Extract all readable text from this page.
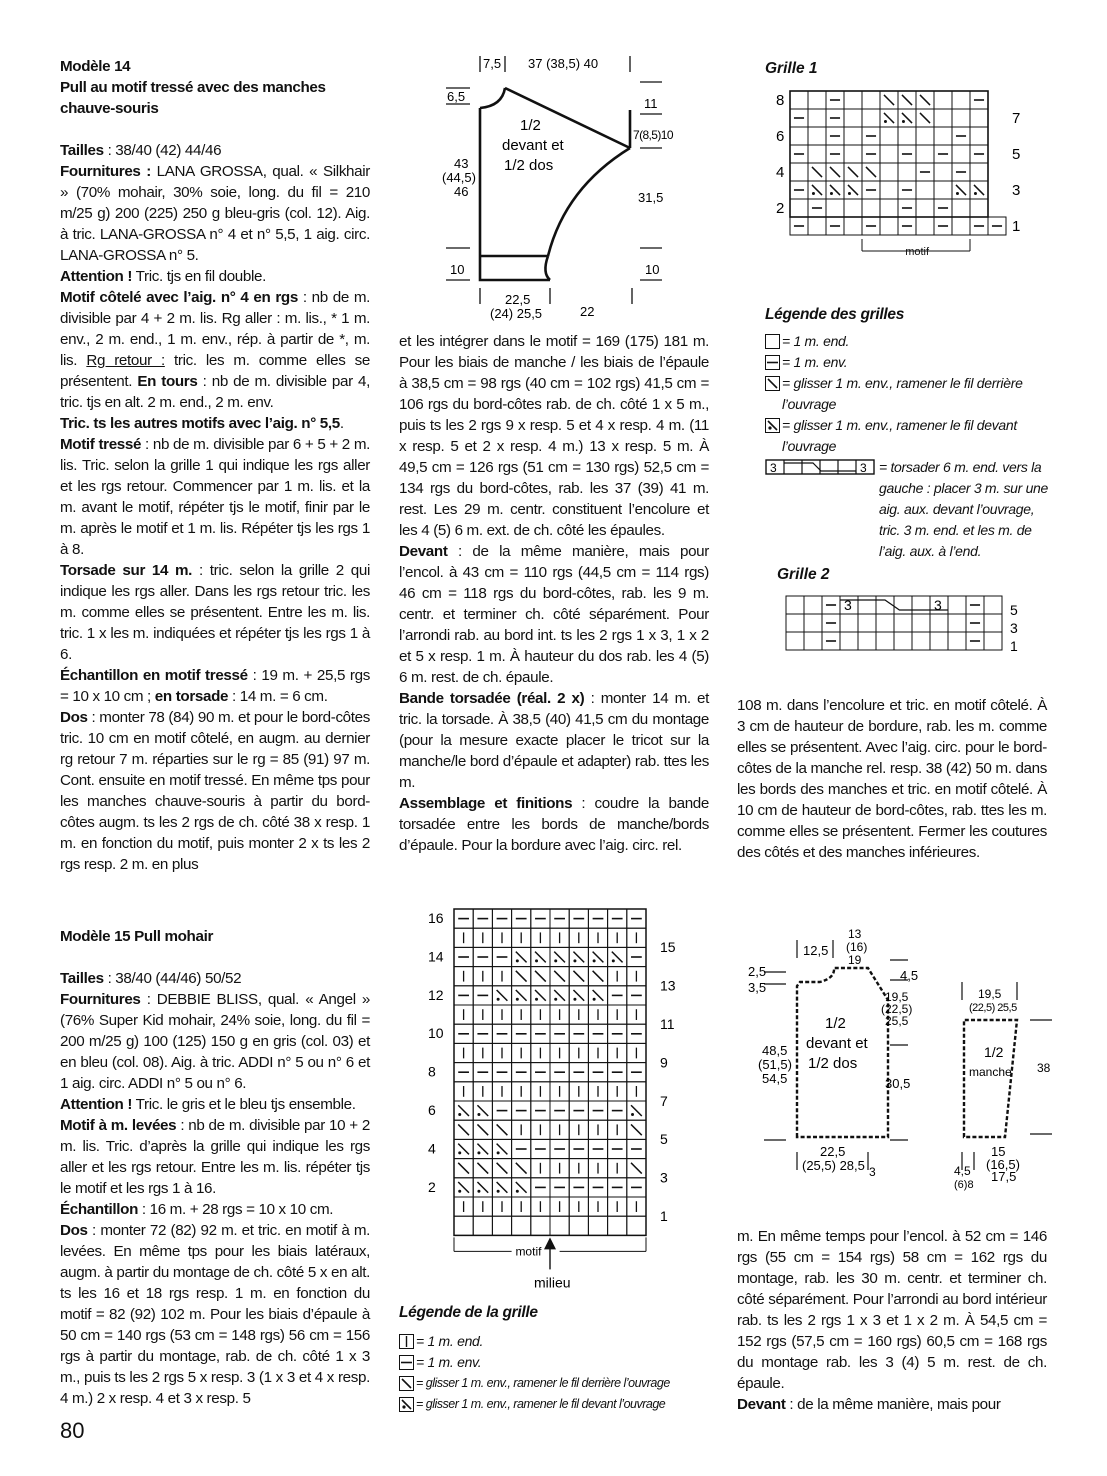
Modèle 14

Pull au motif tressé avec des manches chauve-souris

Tailles : 38/40 (42) 44/46

Fournitures : LANA GROSSA, qual. « Silkhair » (70% mohair, 30% soie, long. du fil = 210 m/25 g) 200 (225) 250 g bleu-gris (col. 12). Aig. à tric. LANA-GROSSA n° 4 et n° 5,5, 1 aig. circ. LANA-GROSSA n° 5.

Attention ! Tric. tjs en fil double.

Motif côtelé avec l’aig. n° 4 en rgs : nb de m. divisible par 4 + 2 m. lis. Rg aller : m. lis., * 1 m. env., 2 m. end., 1 m. env., rép. à partir de *, m. lis. Rg retour : tric. les m. comme elles se présentent. En tours : nb de m. divisible par 4, tric. tjs en alt. 2 m. end., 2 m. env.

Tric. ts les autres motifs avec l’aig. n° 5,5.

Motif tressé : nb de m. divisible par 6 + 5 + 2 m. lis. Tric. selon la grille 1 qui indique les rgs aller et les rgs retour. Commencer par 1 m. lis. et la m. avant le motif, répéter tjs le motif, finir par le m. après le motif et 1 m. lis. Répéter tjs les rgs 1 à 8.

Torsade sur 14 m. : tric. selon la grille 2 qui indique les rgs aller. Dans les rgs retour tric. les m. comme elles se présentent. Entre les m. lis. tric. 1 x les m. indiquées et répéter tjs les rgs 1 à 6.

Échantillon en motif tressé : 19 m. + 25,5 rgs = 10 x 10 cm ; en torsade : 14 m. = 6 cm.

Dos : monter 78 (84) 90 m. et pour le bord-côtes tric. 10 cm en motif côtelé, en augm. au dernier rg retour 7 m. réparties sur le rg = 85 (91) 97 m. Cont. ensuite en motif tressé. En même tps pour les manches chauve-souris à partir du bord-côtes augm. ts les 2 rgs de ch. côté 38 x resp. 1 m. en fonction du motif, puis monter 2 x ts les 2 rgs resp. 2 m. en plus

Modèle 15 Pull mohair

Tailles : 38/40 (44/46) 50/52

Fournitures : DEBBIE BLISS, qual. « Angel » (76% Super Kid mohair, 24% soie, long. du fil = 200 m/25 g) 100 (125) 150 g en gris (col. 03) et en bleu (col. 08). Aig. à tric. ADDI n° 5 ou n° 6 et 1 aig. circ. ADDI n° 5 ou n° 6.

Attention ! Tric. le gris et le bleu tjs ensemble.

Motif à m. levées : nb de m. divisible par 10 + 2 m. lis. Tric. d’après la grille qui indique les rgs aller et les rgs retour. Entre les m. lis. répéter tjs le motif et les rgs 1 à 16.

Échantillon : 16 m. + 28 rgs = 10 x 10 cm.

Dos : monter 72 (82) 92 m. et tric. en motif à m. levées. En même tps pour les biais latéraux, augm. à partir du montage de ch. côté 5 x en alt. ts les 16 et 18 rgs resp. 1 m. en fonction du motif = 82 (92) 102 m. Pour les biais d’épaule à 50 cm = 140 rgs (53 cm = 148 rgs) 56 cm = 156 rgs à partir du montage, rab. de ch. côté 1 x 3 m., puis ts les 2 rgs 5 x resp. 3 (1 x 3 et 4 x resp. 4 m.) 2 x resp. 4 et 3 x resp. 5

7,5 37 (38,5) 40
6,5	11
7(8,5)10
1/2
devant et
1/2 dos
43
(44,5)
46	31,5
10	10
22,5
(24) 25,5	22

et les intégrer dans le motif = 169 (175) 181 m. Pour les biais de manche / les biais de l’épaule à 38,5 cm = 98 rgs (40 cm = 102 rgs) 41,5 cm = 106 rgs du bord-côtes rab. de ch. côté 1 x 5 m., puis ts les 2 rgs 9 x resp. 5 et 4 x resp. 4 m. (11 x resp. 5 et 2 x resp. 4 m.) 13 x resp. 5 m. À 49,5 cm = 126 rgs (51 cm = 130 rgs) 52,5 cm = 134 rgs du bord-côtes, rab. les 37 (39) 41 m. rest. Les 29 m. centr. constituent l’encolure et les 4 (5) 6 m. ext. de ch. côté les épaules.

Devant : de la même manière, mais pour l’encol. à 43 cm = 110 rgs (44,5 cm = 114 rgs) 46 cm = 118 rgs du bord-côtes, rab. les 9 m. centr. et terminer ch. côté séparément. Pour l’arrondi rab. au bord int. ts les 2 rgs 1 x 3, 1 x 2 et 5 x resp. 1 m. À hauteur du dos rab. les 4 (5) 6 m. rest. de ch. épaule.

Bande torsadée (réal. 2 x) : monter 14 m. et tric. la torsade. À 38,5 (40) 41,5 cm du montage (pour la mesure exacte placer le tricot sur la manche/le bord d’épaule et adapter) rab. ttes les m.

Assemblage et finitions : coudre la bande torsadée entre les bords de manche/bords d’épaule. Pour la bordure avec l’aig. circ. rel.

16
14
12
10
8
6
4
2
15
13
11
9
7
5
3
1
motif
milieu
Légende de la grille
= 1 m. end.
= 1 m. env.
= glisser 1 m. env., ramener le fil derrière l’ouvrage
= glisser 1 m. env., ramener le fil devant l’ouvrage
Grille 1
8
6
4
2
7
5
3
1
motif
Légende des grilles
= 1 m. end.
= 1 m. env.
= glisser 1 m. env., ramener le fil derrière l’ouvrage
= glisser 1 m. env., ramener le fil devant l’ouvrage
3	3 = torsader 6 m. end. vers la gauche : placer 3 m. sur une aig. aux. devant l’ouvrage, tric. 3 m. end. et les m. de l’aig. aux. à l’end.
Grille 2
3	3	5
3
1

108 m. dans l’encolure et tric. en motif côtelé. À 3 cm de hauteur de bordure, rab. les m. comme elles se présentent. Avec l’aig. circ. pour le bord-côtes de la manche rel. resp. 38 (42) 50 m. dans les bords des manches et tric. en motif côtelé. À 10 cm de hauteur de bord-côtes, rab. ttes les m. comme elles se présentent. Fermer les coutures des côtés et des manches inférieures.

12,5
13
(16)
19
2,5
3,5
4,5
19,5
(22,5)
25,5
1/2
devant et
1/2 dos
48,5
(51,5)
54,5	30,5
22,5
(25,5) 28,5 3
19,5
(22,5) 25,5
1/2
manche 38
15
(16,5)
17,5
4,5
(6)8

m. En même temps pour l’encol. à 52 cm = 146 rgs (55 cm = 154 rgs) 58 cm = 162 rgs du montage, rab. les 30 m. centr. et terminer ch. côté séparément. Pour l’arrondi au bord intérieur rab. ts les 2 rgs 1 x 3 et 1 x 2 m. À 54,5 cm = 152 rgs (57,5 cm = 160 rgs) 60,5 cm = 168 rgs du montage rab. les 3 (4) 5 m. rest. de ch. épaule.

Devant : de la même manière, mais pour

80
